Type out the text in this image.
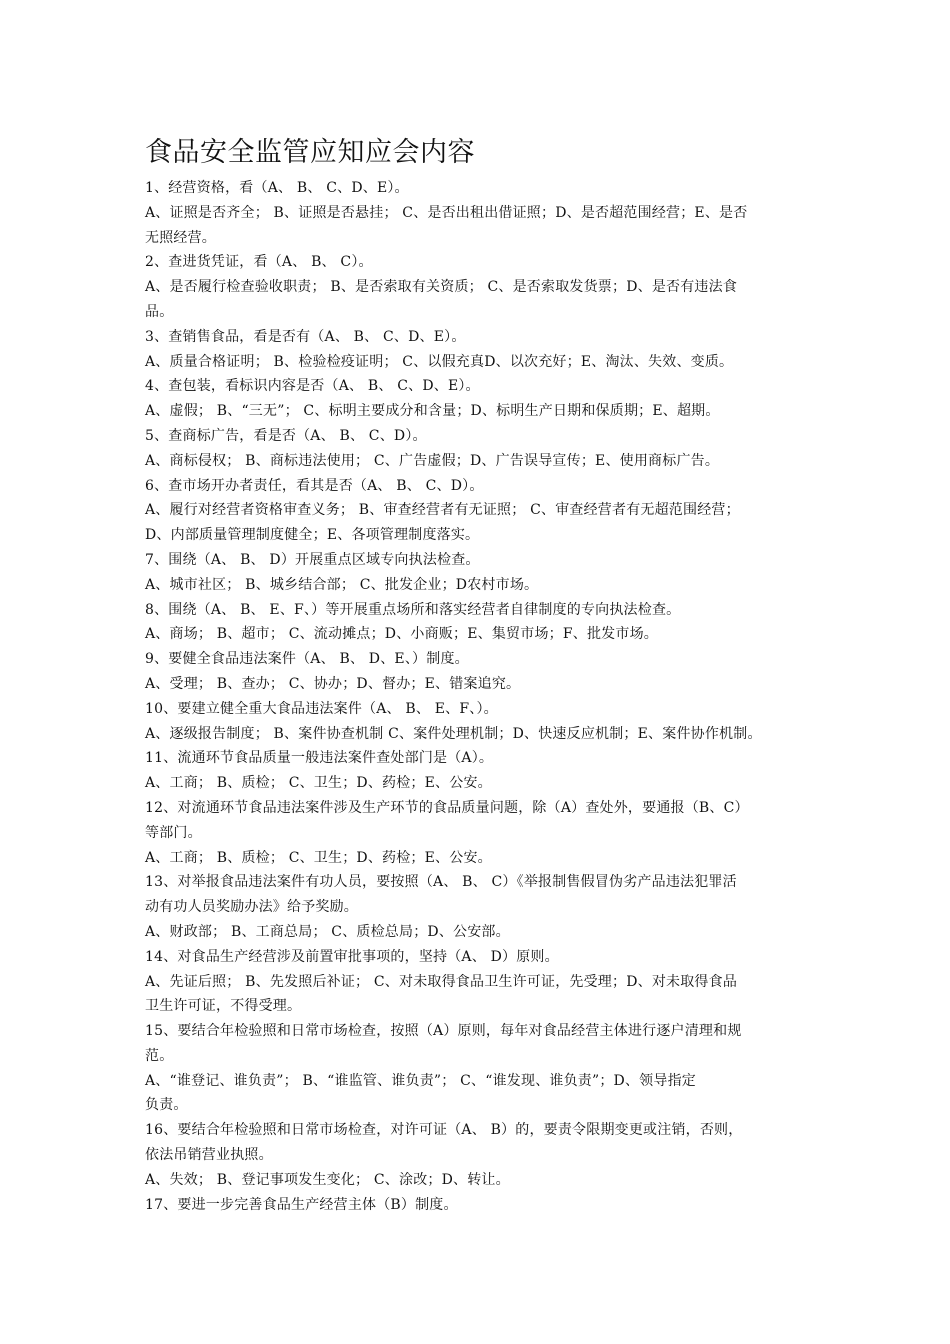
食品安全监管应知应会内容

1、经营资格，看（A、 B、 C、D、E）。

A、证照是否齐全； B、证照是否悬挂； C、是否出租出借证照；D、是否超范围经营；E、是否

无照经营。

2、查进货凭证，看（A、 B、 C）。

A、是否履行检查验收职责； B、是否索取有关资质； C、是否索取发货票；D、是否有违法食

品。

3、查销售食品，看是否有（A、 B、 C、D、E）。

A、质量合格证明； B、检验检疫证明； C、以假充真D、以次充好；E、淘汰、失效、变质。

4、查包装，看标识内容是否（A、 B、 C、D、E）。

A、虚假； B、“三无”； C、标明主要成分和含量；D、标明生产日期和保质期；E、超期。

5、查商标广告，看是否（A、 B、 C、D）。

A、商标侵权； B、商标违法使用； C、广告虚假；D、广告误导宣传；E、使用商标广告。

6、查市场开办者责任，看其是否（A、 B、 C、D）。

A、履行对经营者资格审查义务； B、审查经营者有无证照； C、审查经营者有无超范围经营；

D、内部质量管理制度健全；E、各项管理制度落实。

7、围绕（A、 B、 D）开展重点区域专向执法检查。

A、城市社区； B、城乡结合部； C、批发企业；D农村市场。

8、围绕（A、 B、 E、F、）等开展重点场所和落实经营者自律制度的专向执法检查。

A、商场； B、超市； C、流动摊点；D、小商贩；E、集贸市场；F、批发市场。

9、要健全食品违法案件（A、 B、 D、E、）制度。

A、受理； B、查办； C、协办；D、督办；E、错案追究。

10、要建立健全重大食品违法案件（A、 B、 E、F、）。

A、逐级报告制度； B、案件协查机制 C、案件处理机制；D、快速反应机制；E、案件协作机制。

11、流通环节食品质量一般违法案件查处部门是（A）。

A、工商； B、质检； C、卫生；D、药检；E、公安。

12、对流通环节食品违法案件涉及生产环节的食品质量问题，除（A）查处外，要通报（B、C）

等部门。

A、工商； B、质检； C、卫生；D、药检；E、公安。

13、对举报食品违法案件有功人员，要按照（A、 B、 C）《举报制售假冒伪劣产品违法犯罪活

动有功人员奖励办法》给予奖励。

A、财政部； B、工商总局； C、质检总局；D、公安部。

14、对食品生产经营涉及前置审批事项的，坚持（A、 D）原则。

A、先证后照； B、先发照后补证； C、对未取得食品卫生许可证，先受理；D、对未取得食品

卫生许可证，不得受理。

15、要结合年检验照和日常市场检查，按照（A）原则，每年对食品经营主体进行逐户清理和规

范。

A、“谁登记、谁负责”； B、“谁监管、谁负责”； C、“谁发现、谁负责”；D、领导指定

负责。

16、要结合年检验照和日常市场检查，对许可证（A、 B）的，要责令限期变更或注销，否则，

依法吊销营业执照。

A、失效； B、登记事项发生变化； C、涂改；D、转让。

17、要进一步完善食品生产经营主体（B）制度。
